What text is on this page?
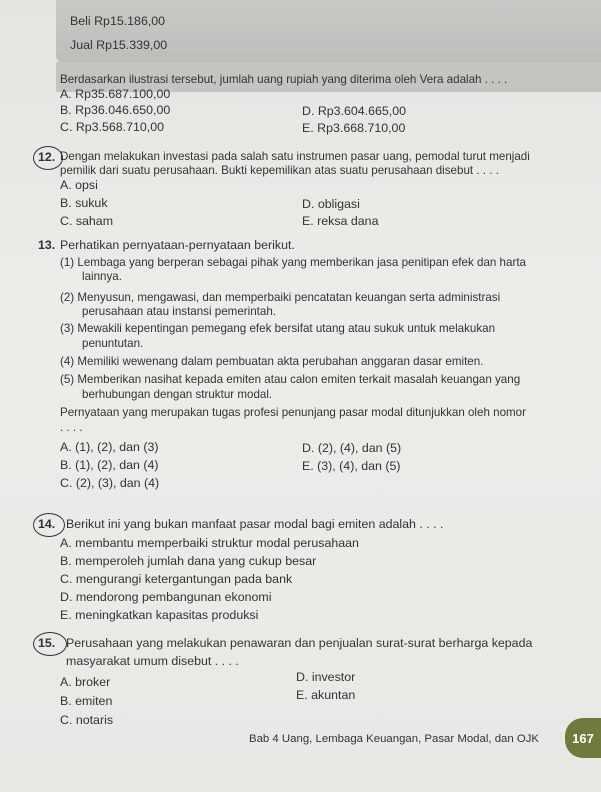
Beli Rp15.186,00
Jual Rp15.339,00
Berdasarkan ilustrasi tersebut, jumlah uang rupiah yang diterima oleh Vera adalah . . . .
A. Rp35.687.100,00
B. Rp36.046.650,00
C. Rp3.568.710,00
D. Rp3.604.665,00
E. Rp3.668.710,00
12. Dengan melakukan investasi pada salah satu instrumen pasar uang, pemodal turut menjadi
pemilik dari suatu perusahaan. Bukti kepemilikan atas suatu perusahaan disebut . . . .
A. opsi
B. sukuk
C. saham
D. obligasi
E. reksa dana
13. Perhatikan pernyataan-pernyataan berikut.
(1) Lembaga yang berperan sebagai pihak yang memberikan jasa penitipan efek dan harta
lainnya.
(2) Menyusun, mengawasi, dan memperbaiki pencatatan keuangan serta administrasi
perusahaan atau instansi pemerintah.
(3) Mewakili kepentingan pemegang efek bersifat utang atau sukuk untuk melakukan
penuntutan.
(4) Memiliki wewenang dalam pembuatan akta perubahan anggaran dasar emiten.
(5) Memberikan nasihat kepada emiten atau calon emiten terkait masalah keuangan yang
berhubungan dengan struktur modal.
Pernyataan yang merupakan tugas profesi penunjang pasar modal ditunjukkan oleh nomor
. . . .
A. (1), (2), dan (3)
B. (1), (2), dan (4)
C. (2), (3), dan (4)
D. (2), (4), dan (5)
E. (3), (4), dan (5)
14. Berikut ini yang bukan manfaat pasar modal bagi emiten adalah . . . .
A. membantu memperbaiki struktur modal perusahaan
B. memperoleh jumlah dana yang cukup besar
C. mengurangi ketergantungan pada bank
D. mendorong pembangunan ekonomi
E. meningkatkan kapasitas produksi
15. Perusahaan yang melakukan penawaran dan penjualan surat-surat berharga kepada
masyarakat umum disebut . . . .
A. broker
B. emiten
C. notaris
D. investor
E. akuntan
Bab 4 Uang, Lembaga Keuangan, Pasar Modal, dan OJK	167
